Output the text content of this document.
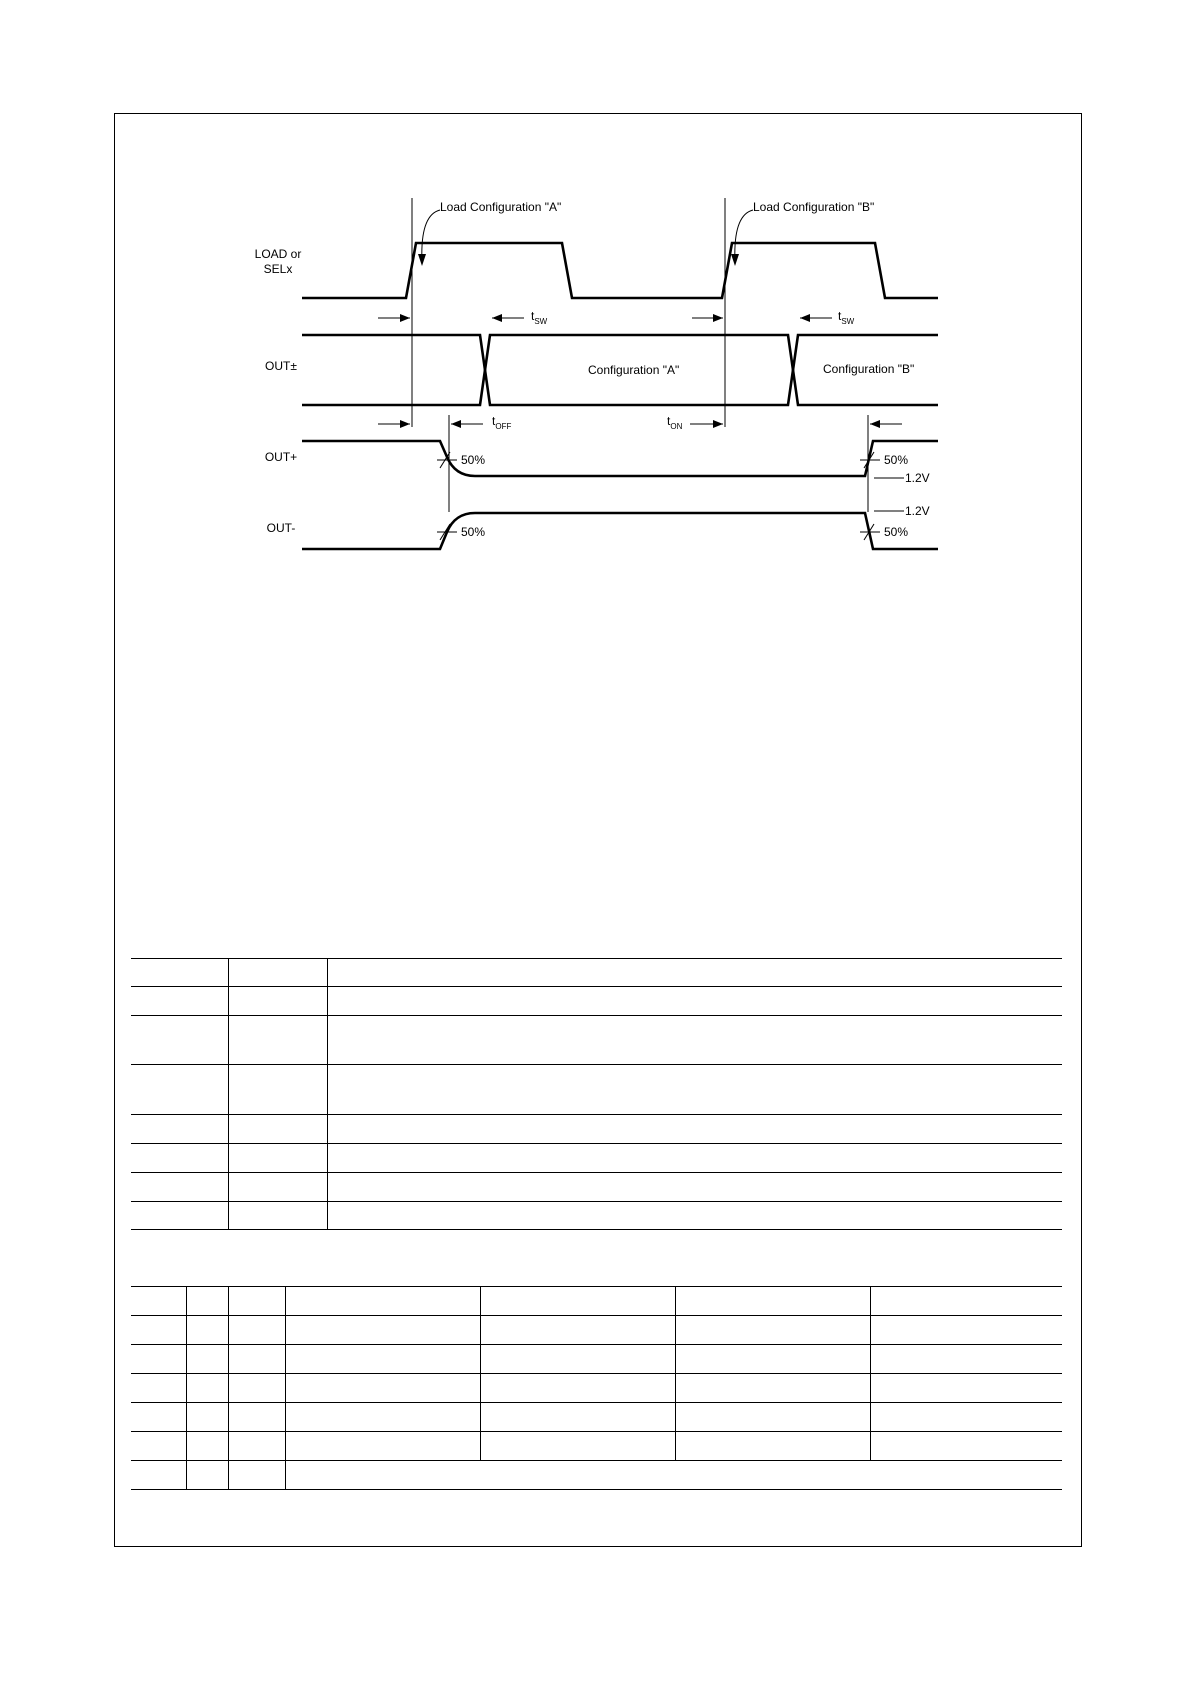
LOAD or
SELx
OUT±
OUT+
OUT-
Load Configuration "A"	Load Configuration "B"
Configuration "A"	Configuration "B"
$t_{SW}$	$t_{SW}$
$t_{OFF}$	$t_{ON}$
50%
50%
50%
50%
1.2V
1.2V
